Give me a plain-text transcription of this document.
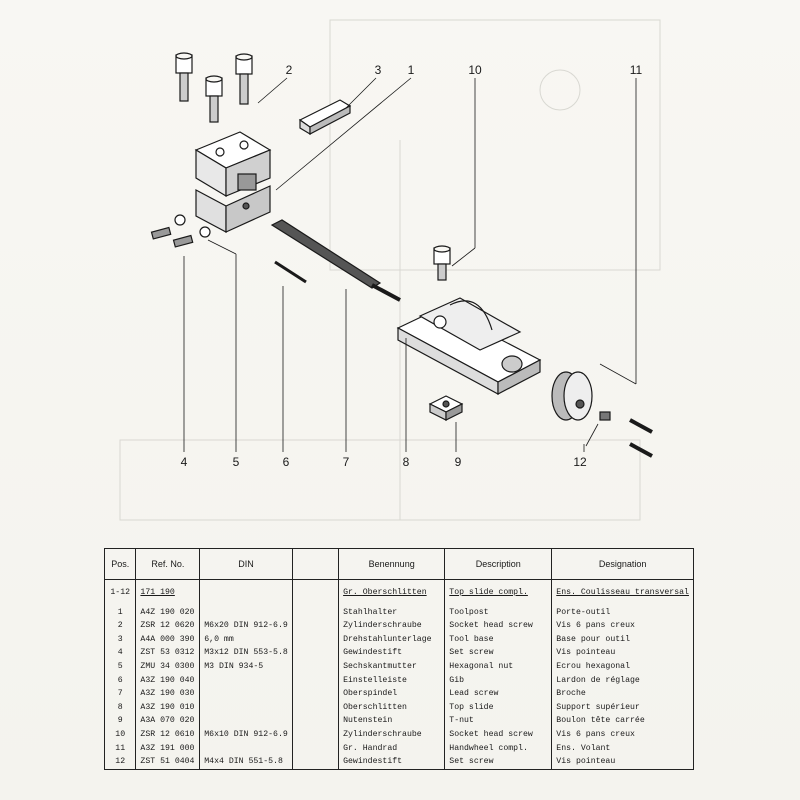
1
2	3
4	5	6	7	8	9
10	11
12
Pos.	Ref. No.	DIN		Benennung	Description	Designation

1-12	171 190			Gr. Oberschlitten	Top slide compl.	Ens. Coulisseau transversal

1	A4Z 190 020			Stahlhalter	Toolpost	Porte-outil
2	ZSR 12 0620	M6x20 DIN 912-6.9		Zylinderschraube	Socket head screw	Vis 6 pans creux
3	A4A 000 390	6,0 mm		Drehstahlunterlage	Tool base	Base pour outil
4	ZST 53 0312	M3x12 DIN 553-5.8		Gewindestift	Set screw	Vis pointeau
5	ZMU 34 0300	M3 DIN 934-5		Sechskantmutter	Hexagonal nut	Ecrou hexagonal
6	A3Z 190 040			Einstelleiste	Gib	Lardon de réglage
7	A3Z 190 030			Oberspindel	Lead screw	Broche
8	A3Z 190 010			Oberschlitten	Top slide	Support supérieur
9	A3A 070 020			Nutenstein	T-nut	Boulon tête carrée
10	ZSR 12 0610	M6x10 DIN 912-6.9		Zylinderschraube	Socket head screw	Vis 6 pans creux
11	A3Z 191 000			Gr. Handrad	Handwheel compl.	Ens. Volant
12	ZST 51 0404	M4x4 DIN 551-5.8		Gewindestift	Set screw	Vis pointeau
